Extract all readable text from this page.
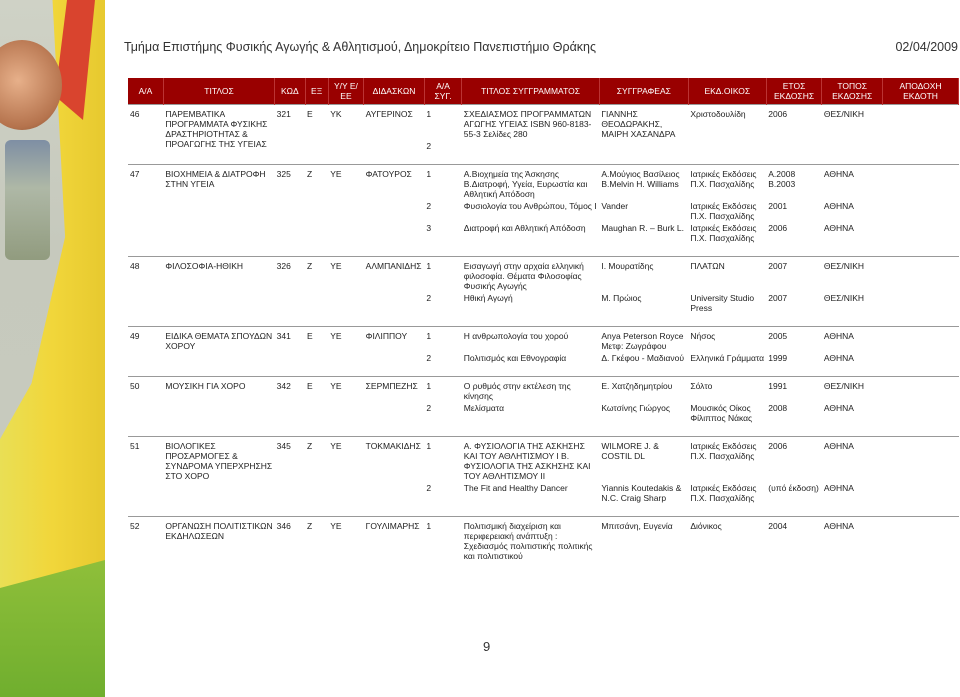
Τμήμα Επιστήμης Φυσικής Αγωγής & Αθλητισμού, Δημοκρίτειο Πανεπιστήμιο Θράκης	02/04/2009
Α/Α	ΤΙΤΛΟΣ	ΚΩΔ	ΕΞ	Υ/Υ Ε/ΕΕ	ΔΙΔΑΣΚΩΝ	Α/Α ΣΥΓ.	ΤΙΤΛΟΣ ΣΥΓΓΡΑΜΜΑΤΟΣ	ΣΥΓΓΡΑΦΕΑΣ	ΕΚΔ.ΟΙΚΟΣ	ΕΤΟΣ ΕΚΔΟΣΗΣ	ΤΟΠΟΣ ΕΚΔΟΣΗΣ	ΑΠΟΔΟΧΗ ΕΚΔΟΤΗ
46	ΠΑΡΕΜΒΑΤΙΚΑ ΠΡΟΓΡΑΜΜΑΤΑ ΦΥΣΙΚΗΣ ΔΡΑΣΤΗΡΙΟΤΗΤΑΣ & ΠΡΟΑΓΩΓΗΣ ΤΗΣ ΥΓΕΙΑΣ	321	Ε	ΥΚ	ΑΥΓΕΡΙΝΟΣ	1	ΣΧΕΔΙΑΣΜΟΣ ΠΡΟΓΡΑΜΜΑΤΩΝ ΑΓΩΓΗΣ ΥΓΕΙΑΣ ISBN 960-8183-55-3 Σελίδες 280	ΓΙΑΝΝΗΣ ΘΕΟΔΩΡΑΚΗΣ, ΜΑΙΡΗ ΧΑΣΑΝΔΡΑ	Χριστοδουλίδη	2006	ΘΕΣ/ΝΙΚΗ	
						2						

47	ΒΙΟΧΗΜΕΙΑ & ΔΙΑΤΡΟΦΗ ΣΤΗΝ ΥΓΕΙΑ	325	Ζ	ΥΕ	ΦΑΤΟΥΡΟΣ	1	Α.Βιοχημεία της Άσκησης Β.Διατροφή, Υγεία, Ευρωστία και Αθλητική Απόδοση	Α.Μούγιος Βασίλειος Β.Melvin H. Williams	Ιατρικές Εκδόσεις Π.Χ. Πασχαλίδης	Α.2008 Β.2003	ΑΘΗΝΑ	
						2	Φυσιολογία του Ανθρώπου, Τόμος Ι	Vander	Ιατρικές Εκδόσεις Π.Χ. Πασχαλίδης	2001	ΑΘΗΝΑ	
						3	Διατροφή και Αθλητική Απόδοση	Maughan R. – Burk L.	Ιατρικές Εκδόσεις Π.Χ. Πασχαλίδης	2006	ΑΘΗΝΑ	

48	ΦΙΛΟΣΟΦΙΑ-ΗΘΙΚΗ	326	Ζ	ΥΕ	ΑΛΜΠΑΝΙΔΗΣ	1	Εισαγωγή στην αρχαία ελληνική φιλοσοφία. Θέματα Φιλοσοφίας Φυσικής Αγωγής	Ι. Μουρατίδης	ΠΛΑΤΩΝ	2007	ΘΕΣ/ΝΙΚΗ	
						2	Ηθική Αγωγή	Μ. Πρώιος	University Studio Press	2007	ΘΕΣ/ΝΙΚΗ	

49	ΕΙΔΙΚΑ ΘΕΜΑΤΑ ΣΠΟΥΔΩΝ ΧΟΡΟΥ	341	Ε	ΥΕ	ΦΙΛΙΠΠΟΥ	1	Η ανθρωπολογία του χορού	Anya Peterson Royce Μετφ: Ζωγράφου	Νήσος	2005	ΑΘΗΝΑ	
						2	Πολιτισμός και Εθνογραφία	Δ. Γκέφου - Μαδιανού	Ελληνικά Γράμματα	1999	ΑΘΗΝΑ	

50	ΜΟΥΣΙΚΗ ΓΙΑ ΧΟΡΟ	342	Ε	ΥΕ	ΣΕΡΜΠΕΖΗΣ	1	Ο ρυθμός στην εκτέλεση της κίνησης	Ε. Χατζηδημητρίου	Σόλτο	1991	ΘΕΣ/ΝΙΚΗ	
						2	Μελίσματα	Κωτσίνης Γιώργος	Μουσικός Οίκος Φίλιππος Νάκας	2008	ΑΘΗΝΑ	

51	ΒΙΟΛΟΓΙΚΕΣ ΠΡΟΣΑΡΜΟΓΕΣ & ΣΥΝΔΡΟΜΑ ΥΠΕΡΧΡΗΣΗΣ ΣΤΟ ΧΟΡΟ	345	Ζ	ΥΕ	ΤΟΚΜΑΚΙΔΗΣ	1	Α. ΦΥΣΙΟΛΟΓΙΑ ΤΗΣ ΑΣΚΗΣΗΣ ΚΑΙ ΤΟΥ ΑΘΛΗΤΙΣΜΟΥ Ι Β. ΦΥΣΙΟΛΟΓΙΑ ΤΗΣ ΑΣΚΗΣΗΣ ΚΑΙ ΤΟΥ ΑΘΛΗΤΙΣΜΟΥ ΙΙ	WILMORE J. & COSTIL DL	Ιατρικές Εκδόσεις Π.Χ. Πασχαλίδης	2006	ΑΘΗΝΑ	
						2	The Fit and Healthy Dancer	Yiannis Koutedakis & N.C. Craig Sharp	Ιατρικές Εκδόσεις Π.Χ. Πασχαλίδης	(υπό έκδοση)	ΑΘΗΝΑ	

52	ΟΡΓΑΝΩΣΗ ΠΟΛΙΤΙΣΤΙΚΩΝ ΕΚΔΗΛΩΣΕΩΝ	346	Ζ	ΥΕ	ΓΟΥΛΙΜΑΡΗΣ	1	Πολιτισμική διαχείριση και περιφερειακή ανάπτυξη : Σχεδιασμός πολιτιστικής πολιτικής και πολιτιστικού	Μπιτσάνη, Ευγενία	Διόνικος	2004	ΑΘΗΝΑ	
9
